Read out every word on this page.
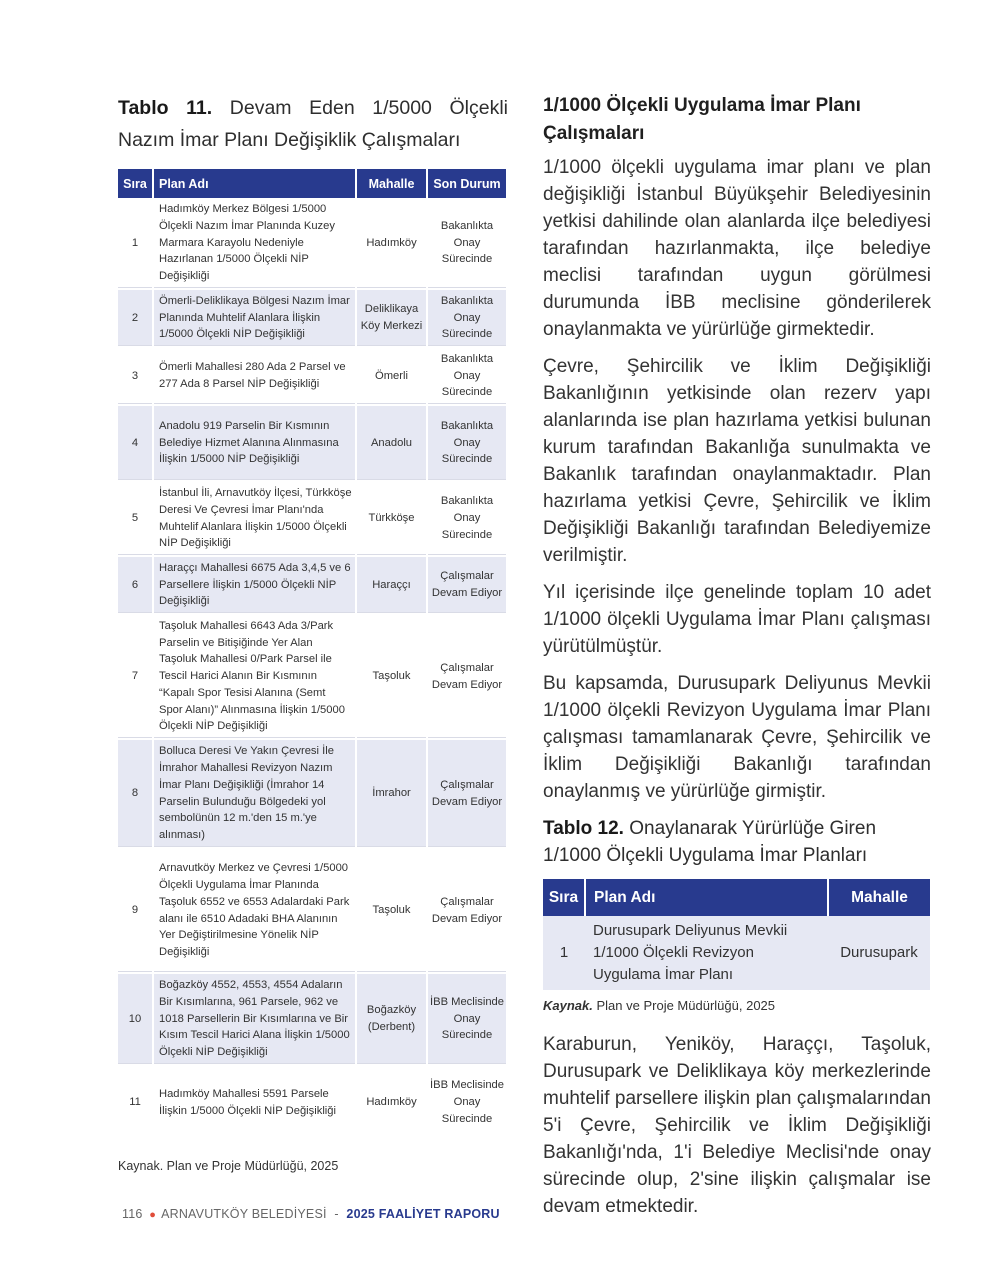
Tablo 11. Devam Eden 1/5000 Ölçekli Nazım İmar Planı Değişiklik Çalışmaları

Sıra	Plan Adı	Mahalle	Son Durum
1	Hadımköy Merkez Bölgesi 1/5000 Ölçekli Nazım İmar Planında Kuzey Marmara Karayolu Nedeniyle Hazırlanan 1/5000 Ölçekli NİP Değişikliği	Hadımköy	Bakanlıkta Onay Sürecinde
2	Ömerli-Deliklikaya Bölgesi Nazım İmar Planında Muhtelif Alanlara İlişkin 1/5000 Ölçekli NİP Değişikliği	Deliklikaya Köy Merkezi	Bakanlıkta Onay Sürecinde
3	Ömerli Mahallesi 280 Ada 2 Parsel ve 277 Ada 8 Parsel NİP Değişikliği	Ömerli	Bakanlıkta Onay Sürecinde
4	Anadolu 919 Parselin Bir Kısmının Belediye Hizmet Alanına Alınmasına İlişkin 1/5000 NİP Değişikliği	Anadolu	Bakanlıkta Onay Sürecinde
5	İstanbul İli, Arnavutköy İlçesi, Türkköşe Deresi Ve Çevresi İmar Planı'nda Muhtelif Alanlara İlişkin 1/5000 Ölçekli NİP Değişikliği	Türkköşe	Bakanlıkta Onay Sürecinde
6	Haraççı Mahallesi 6675 Ada 3,4,5 ve 6 Parsellere İlişkin 1/5000 Ölçekli NİP Değişikliği	Haraççı	Çalışmalar Devam Ediyor
7	Taşoluk Mahallesi 6643 Ada 3/Park Parselin ve Bitişiğinde Yer Alan Taşoluk Mahallesi 0/Park Parsel ile Tescil Harici Alanın Bir Kısmının “Kapalı Spor Tesisi Alanına (Semt Spor Alanı)” Alınmasına İlişkin 1/5000 Ölçekli NİP Değişikliği	Taşoluk	Çalışmalar Devam Ediyor
8	Bolluca Deresi Ve Yakın Çevresi İle İmrahor Mahallesi Revizyon Nazım İmar Planı Değişikliği (İmrahor 14 Parselin Bulunduğu Bölgedeki yol sembolünün 12 m.'den 15 m.'ye alınması)	İmrahor	Çalışmalar Devam Ediyor
9	Arnavutköy Merkez ve Çevresi 1/5000 Ölçekli Uygulama İmar Planında Taşoluk 6552 ve 6553 Adalardaki Park alanı ile 6510 Adadaki BHA Alanının Yer Değiştirilmesine Yönelik NİP Değişikliği	Taşoluk	Çalışmalar Devam Ediyor
10	Boğazköy 4552, 4553, 4554 Adaların Bir Kısımlarına, 961 Parsele, 962 ve 1018 Parsellerin Bir Kısımlarına ve Bir Kısım Tescil Harici Alana İlişkin 1/5000 Ölçekli NİP Değişikliği	Boğazköy (Derbent)	İBB Meclisinde Onay Sürecinde
11	Hadımköy Mahallesi 5591 Parsele İlişkin 1/5000 Ölçekli NİP Değişikliği	Hadımköy	İBB Meclisinde Onay Sürecinde
Kaynak. Plan ve Proje Müdürlüğü, 2025
1/1000 Ölçekli Uygulama İmar Planı Çalışmaları

1/1000 ölçekli uygulama imar planı ve plan değişikliği İstanbul Büyükşehir Belediyesinin yetkisi dahilinde olan alanlarda ilçe belediyesi tarafından hazırlanmakta, ilçe belediye meclisi tarafından uygun görülmesi durumunda İBB meclisine gönderilerek onaylanmakta ve yürürlüğe girmektedir.

Çevre, Şehircilik ve İklim Değişikliği Bakanlığının yetkisinde olan rezerv yapı alanlarında ise plan hazırlama yetkisi bulunan kurum tarafından Bakanlığa sunulmakta ve Bakanlık tarafından onaylanmaktadır. Plan hazırlama yetkisi Çevre, Şehircilik ve İklim Değişikliği Bakanlığı tarafından Belediyemize verilmiştir.

Yıl içerisinde ilçe genelinde toplam 10 adet 1/1000 ölçekli Uygulama İmar Planı çalışması yürütülmüştür.

Bu kapsamda, Durusupark Deliyunus Mevkii 1/1000 ölçekli Revizyon Uygulama İmar Planı çalışması tamamlanarak Çevre, Şehircilik ve İklim Değişikliği Bakanlığı tarafından onaylanmış ve yürürlüğe girmiştir.

Tablo 12. Onaylanarak Yürürlüğe Giren 1/1000 Ölçekli Uygulama İmar Planları

Sıra	Plan Adı	Mahalle
1	Durusupark Deliyunus Mevkii 1/1000 Ölçekli Revizyon Uygulama İmar Planı	Durusupark
Kaynak. Plan ve Proje Müdürlüğü, 2025

Karaburun, Yeniköy, Haraççı, Taşoluk, Durusupark ve Deliklikaya köy merkezlerinde muhtelif parsellere ilişkin plan çalışmalarından 5'i Çevre, Şehircilik ve İklim Değişikliği Bakanlığı'nda, 1'i Belediye Meclisi'nde onay sürecinde olup, 2'sine ilişkin çalışmalar ise devam etmektedir.

116 ● ARNAVUTKÖY BELEDİYESİ - 2025 FAALİYET RAPORU
